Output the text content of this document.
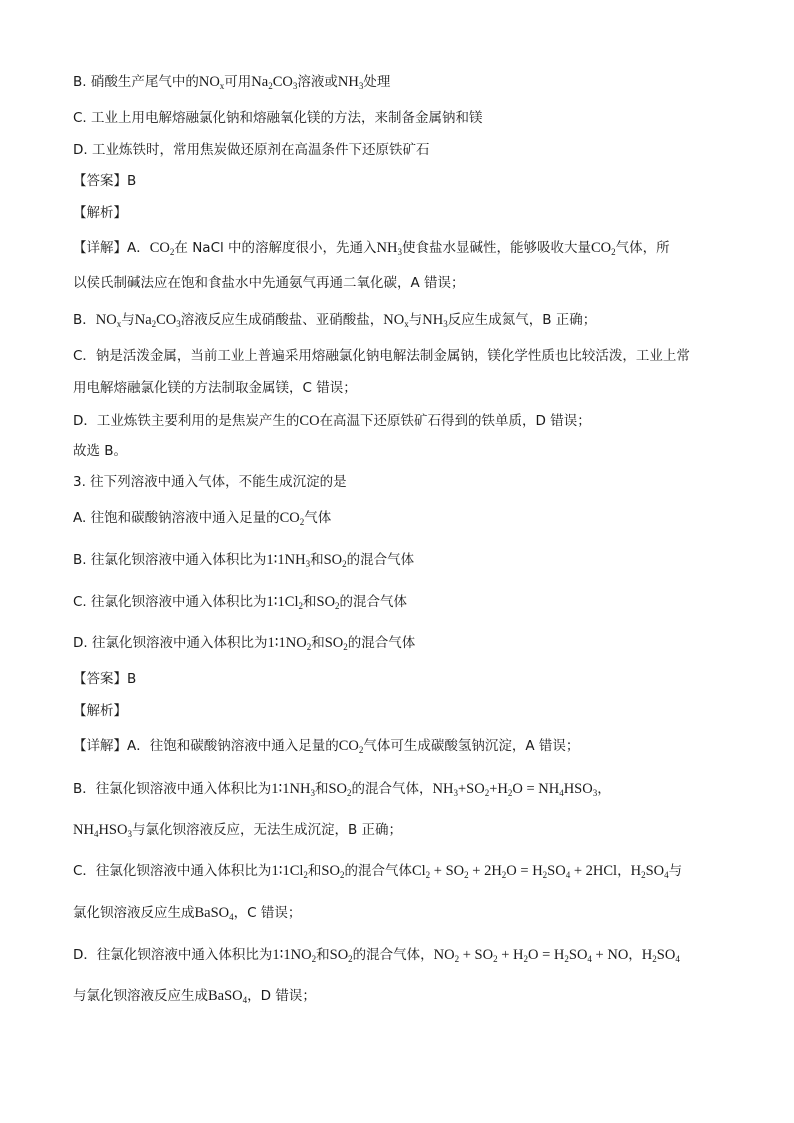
B. 硝酸生产尾气中的$NO_x$可用$Na_2CO_3$溶液或$NH_3$处理
C. 工业上用电解熔融氯化钠和熔融氧化镁的方法，来制备金属钠和镁
D. 工业炼铁时，常用焦炭做还原剂在高温条件下还原铁矿石
【答案】B
【解析】
【详解】A．$CO_2$在 NaCl 中的溶解度很小，先通入$NH_3$使食盐水显碱性，能够吸收大量$CO_2$气体，所
以侯氏制碱法应在饱和食盐水中先通氨气再通二氧化碳，A 错误；
B．$NO_x$与$Na_2CO_3$溶液反应生成硝酸盐、亚硝酸盐，$NO_x$与$NH_3$反应生成氮气，B 正确；
C．钠是活泼金属，当前工业上普遍采用熔融氯化钠电解法制金属钠，镁化学性质也比较活泼，工业上常
用电解熔融氯化镁的方法制取金属镁，C 错误；
D．工业炼铁主要利用的是焦炭产生的CO在高温下还原铁矿石得到的铁单质，D 错误；
故选 B。
3. 往下列溶液中通入气体，不能生成沉淀的是
A. 往饱和碳酸钠溶液中通入足量的$CO_2$气体
B. 往氯化钡溶液中通入体积比为$1∶1NH_3$和$SO_2$的混合气体
C. 往氯化钡溶液中通入体积比为$1∶1Cl_2$和$SO_2$的混合气体
D. 往氯化钡溶液中通入体积比为$1∶1NO_2$和$SO_2$的混合气体
【答案】B
【解析】
【详解】A．往饱和碳酸钠溶液中通入足量的$CO_2$气体可生成碳酸氢钠沉淀，A 错误；
B．往氯化钡溶液中通入体积比为$1∶1NH_3$和$SO_2$的混合气体，$NH_3+SO_2+H_2O = NH_4HSO_3$，
$NH_4HSO_3$与氯化钡溶液反应，无法生成沉淀，B 正确；
C．往氯化钡溶液中通入体积比为$1∶1Cl_2$和$SO_2$的混合气体$Cl_2 + SO_2 + 2H_2O = H_2SO_4 + 2HCl$，$H_2SO_4$与
氯化钡溶液反应生成BaSO$_4$，C 错误；
D．往氯化钡溶液中通入体积比为$1∶1NO_2$和$SO_2$的混合气体，$NO_2 + SO_2 + H_2O = H_2SO_4$ + NO，$H_2SO_4$
与氯化钡溶液反应生成BaSO$_4$，D 错误；
